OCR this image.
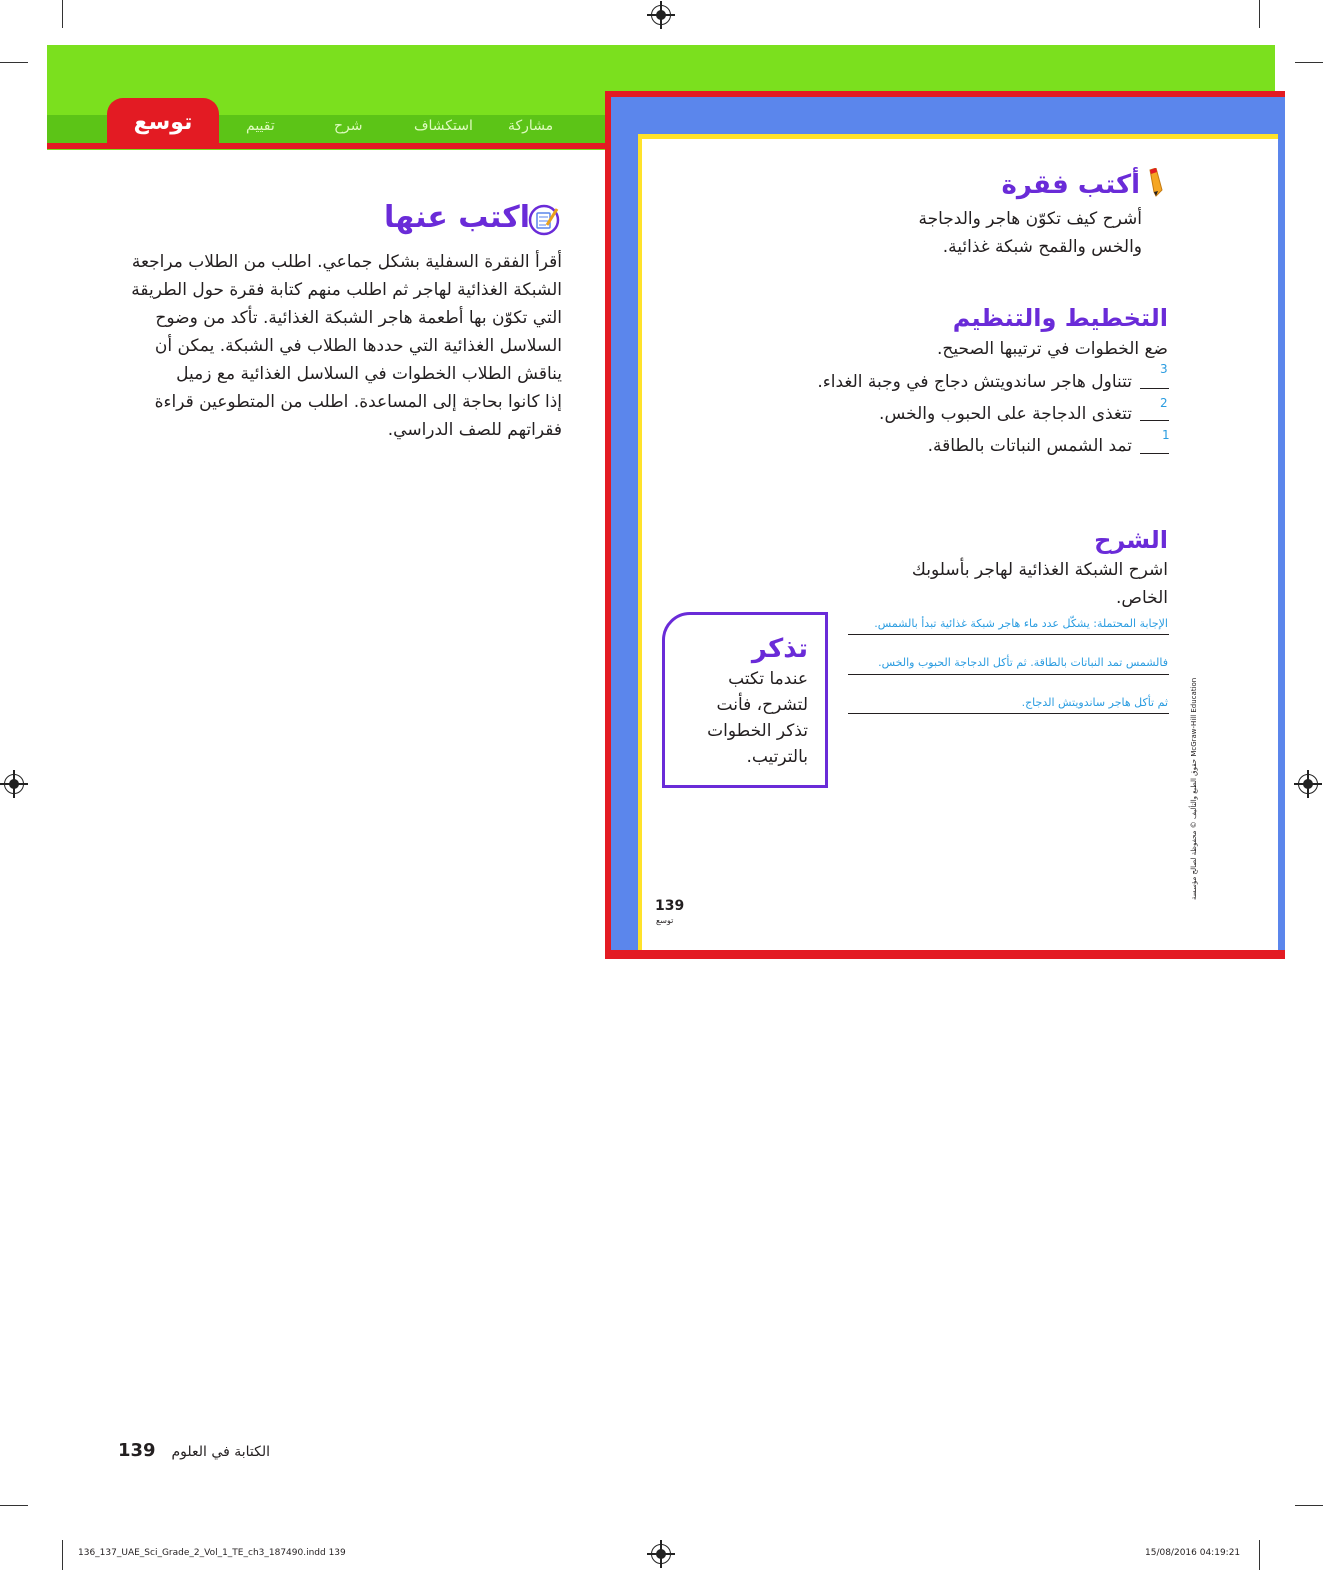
مشاركة
استكشاف
شرح
تقييم
توسع
اكتب عنها
أقرأ الفقرة السفلية بشكل جماعي. اطلب من الطلاب مراجعة
الشبكة الغذائية لهاجر ثم اطلب منهم كتابة فقرة حول الطريقة
التي تكوّن بها أطعمة هاجر الشبكة الغذائية. تأكد من وضوح
السلاسل الغذائية التي حددها الطلاب في الشبكة. يمكن أن
يناقش الطلاب الخطوات في السلاسل الغذائية مع زميل
إذا كانوا بحاجة إلى المساعدة. اطلب من المتطوعين قراءة
فقراتهم للصف الدراسي.
أكتب فقرة
أشرح كيف تكوّن هاجر والدجاجة
والخس والقمح شبكة غذائية.
التخطيط والتنظيم
ضع الخطوات في ترتيبها الصحيح.
تتناول هاجر ساندويتش دجاج في وجبة الغداء.
3
تتغذى الدجاجة على الحبوب والخس.
2
تمد الشمس النباتات بالطاقة.
1
الشرح
اشرح الشبكة الغذائية لهاجر بأسلوبك
الخاص.
الإجابة المحتملة: يشكّل عدد ماء هاجر شبكة غذائية تبدأ بالشمس.
فالشمس تمد النباتات بالطاقة. ثم تأكل الدجاجة الحبوب والخس.
ثم تأكل هاجر ساندويتش الدجاج.
تذكر
عندما تكتب
لتشرح، فأنت
تذكر الخطوات
بالترتيب.
139
توسع
حقوق الطبع والتأليف © محفوظة لصالح مؤسسة McGraw-Hill Education
139	الكتابة في العلوم
136_137_UAE_Sci_Grade_2_Vol_1_TE_ch3_187490.indd 139	15/08/2016 04:19:21
